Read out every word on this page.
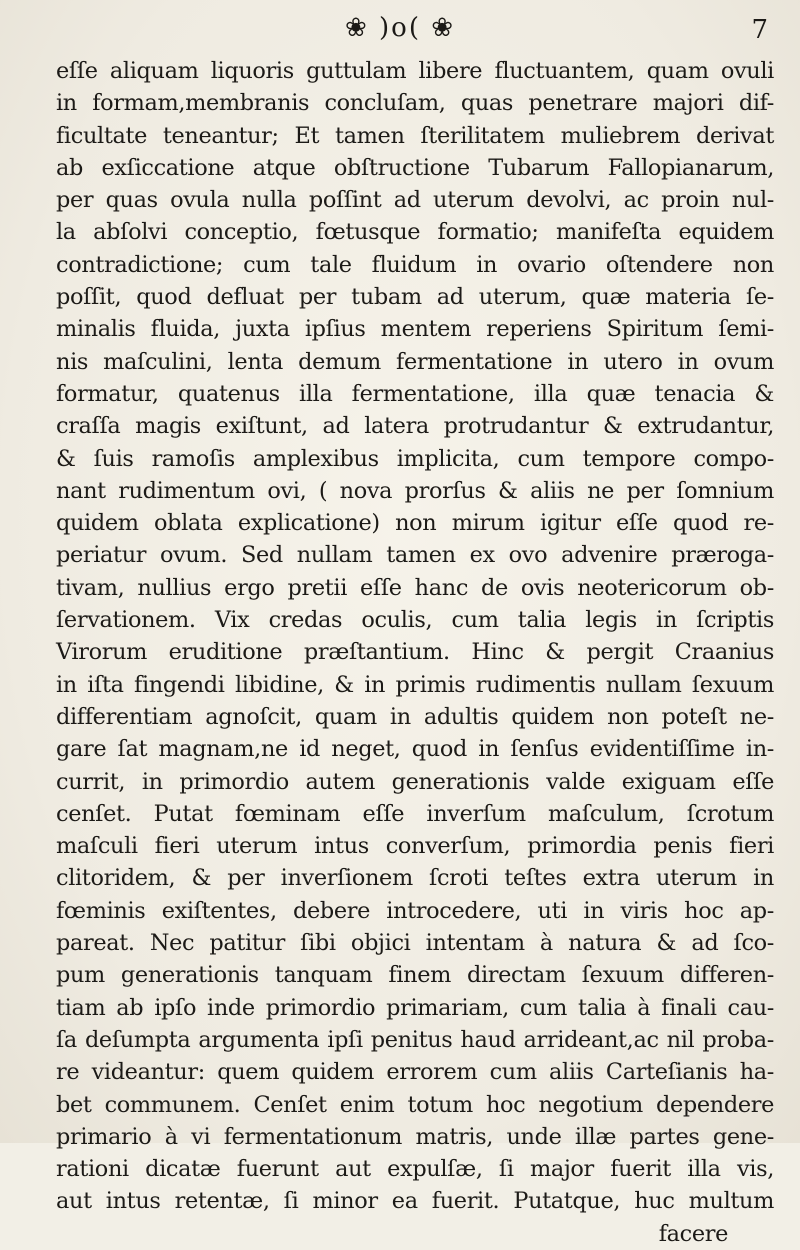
❀ )o( ❀	7
eſſe aliquam liquoris guttulam libere fluctuantem, quam ovuli
in formam,membranis concluſam, quas penetrare majori dif-
ficultate teneantur; Et tamen ſterilitatem muliebrem derivat
ab exſiccatione atque obſtructione Tubarum Fallopianarum,
per quas ovula nulla poſſint ad uterum devolvi, ac proin nul-
la abſolvi conceptio, fœtusque formatio; manifeſta equidem
contradictione; cum tale fluidum in ovario oſtendere non
poſſit, quod defluat per tubam ad uterum, quæ materia ſe-
minalis fluida, juxta ipſius mentem reperiens Spiritum ſemi-
nis maſculini, lenta demum fermentatione in utero in ovum
formatur, quatenus illa fermentatione, illa quæ tenacia &
craſſa magis exiſtunt, ad latera protrudantur & extrudantur,
& ſuis ramoſis amplexibus implicita, cum tempore compo-
nant rudimentum ovi, ( nova prorſus & aliis ne per ſomnium
quidem oblata explicatione) non mirum igitur eſſe quod re-
periatur ovum. Sed nullam tamen ex ovo advenire præroga-
tivam, nullius ergo pretii eſſe hanc de ovis neotericorum ob-
ſervationem. Vix credas oculis, cum talia legis in ſcriptis
Virorum eruditione præſtantium. Hinc & pergit Craanius
in iſta fingendi libidine, & in primis rudimentis nullam ſexuum
differentiam agnoſcit, quam in adultis quidem non poteſt ne-
gare ſat magnam,ne id neget, quod in ſenſus evidentiſſime in-
currit, in primordio autem generationis valde exiguam eſſe
cenſet. Putat fœminam eſſe inverſum maſculum, ſcrotum
maſculi fieri uterum intus converſum, primordia penis fieri
clitoridem, & per inverſionem ſcroti teſtes extra uterum in
fœminis exiſtentes, debere introcedere, uti in viris hoc ap-
pareat. Nec patitur ſibi objici intentam à natura & ad ſco-
pum generationis tanquam finem directam ſexuum differen-
tiam ab ipſo inde primordio primariam, cum talia à finali cau-
ſa deſumpta argumenta ipſi penitus haud arrideant,ac nil proba-
re videantur: quem quidem errorem cum aliis Carteſianis ha-
bet communem. Cenſet enim totum hoc negotium dependere
primario à vi fermentationum matris, unde illæ partes gene-
rationi dicatæ fuerunt aut expulſæ, ſi major fuerit illa vis,
aut intus retentæ, ſi minor ea fuerit. Putatque, huc multum
facere
